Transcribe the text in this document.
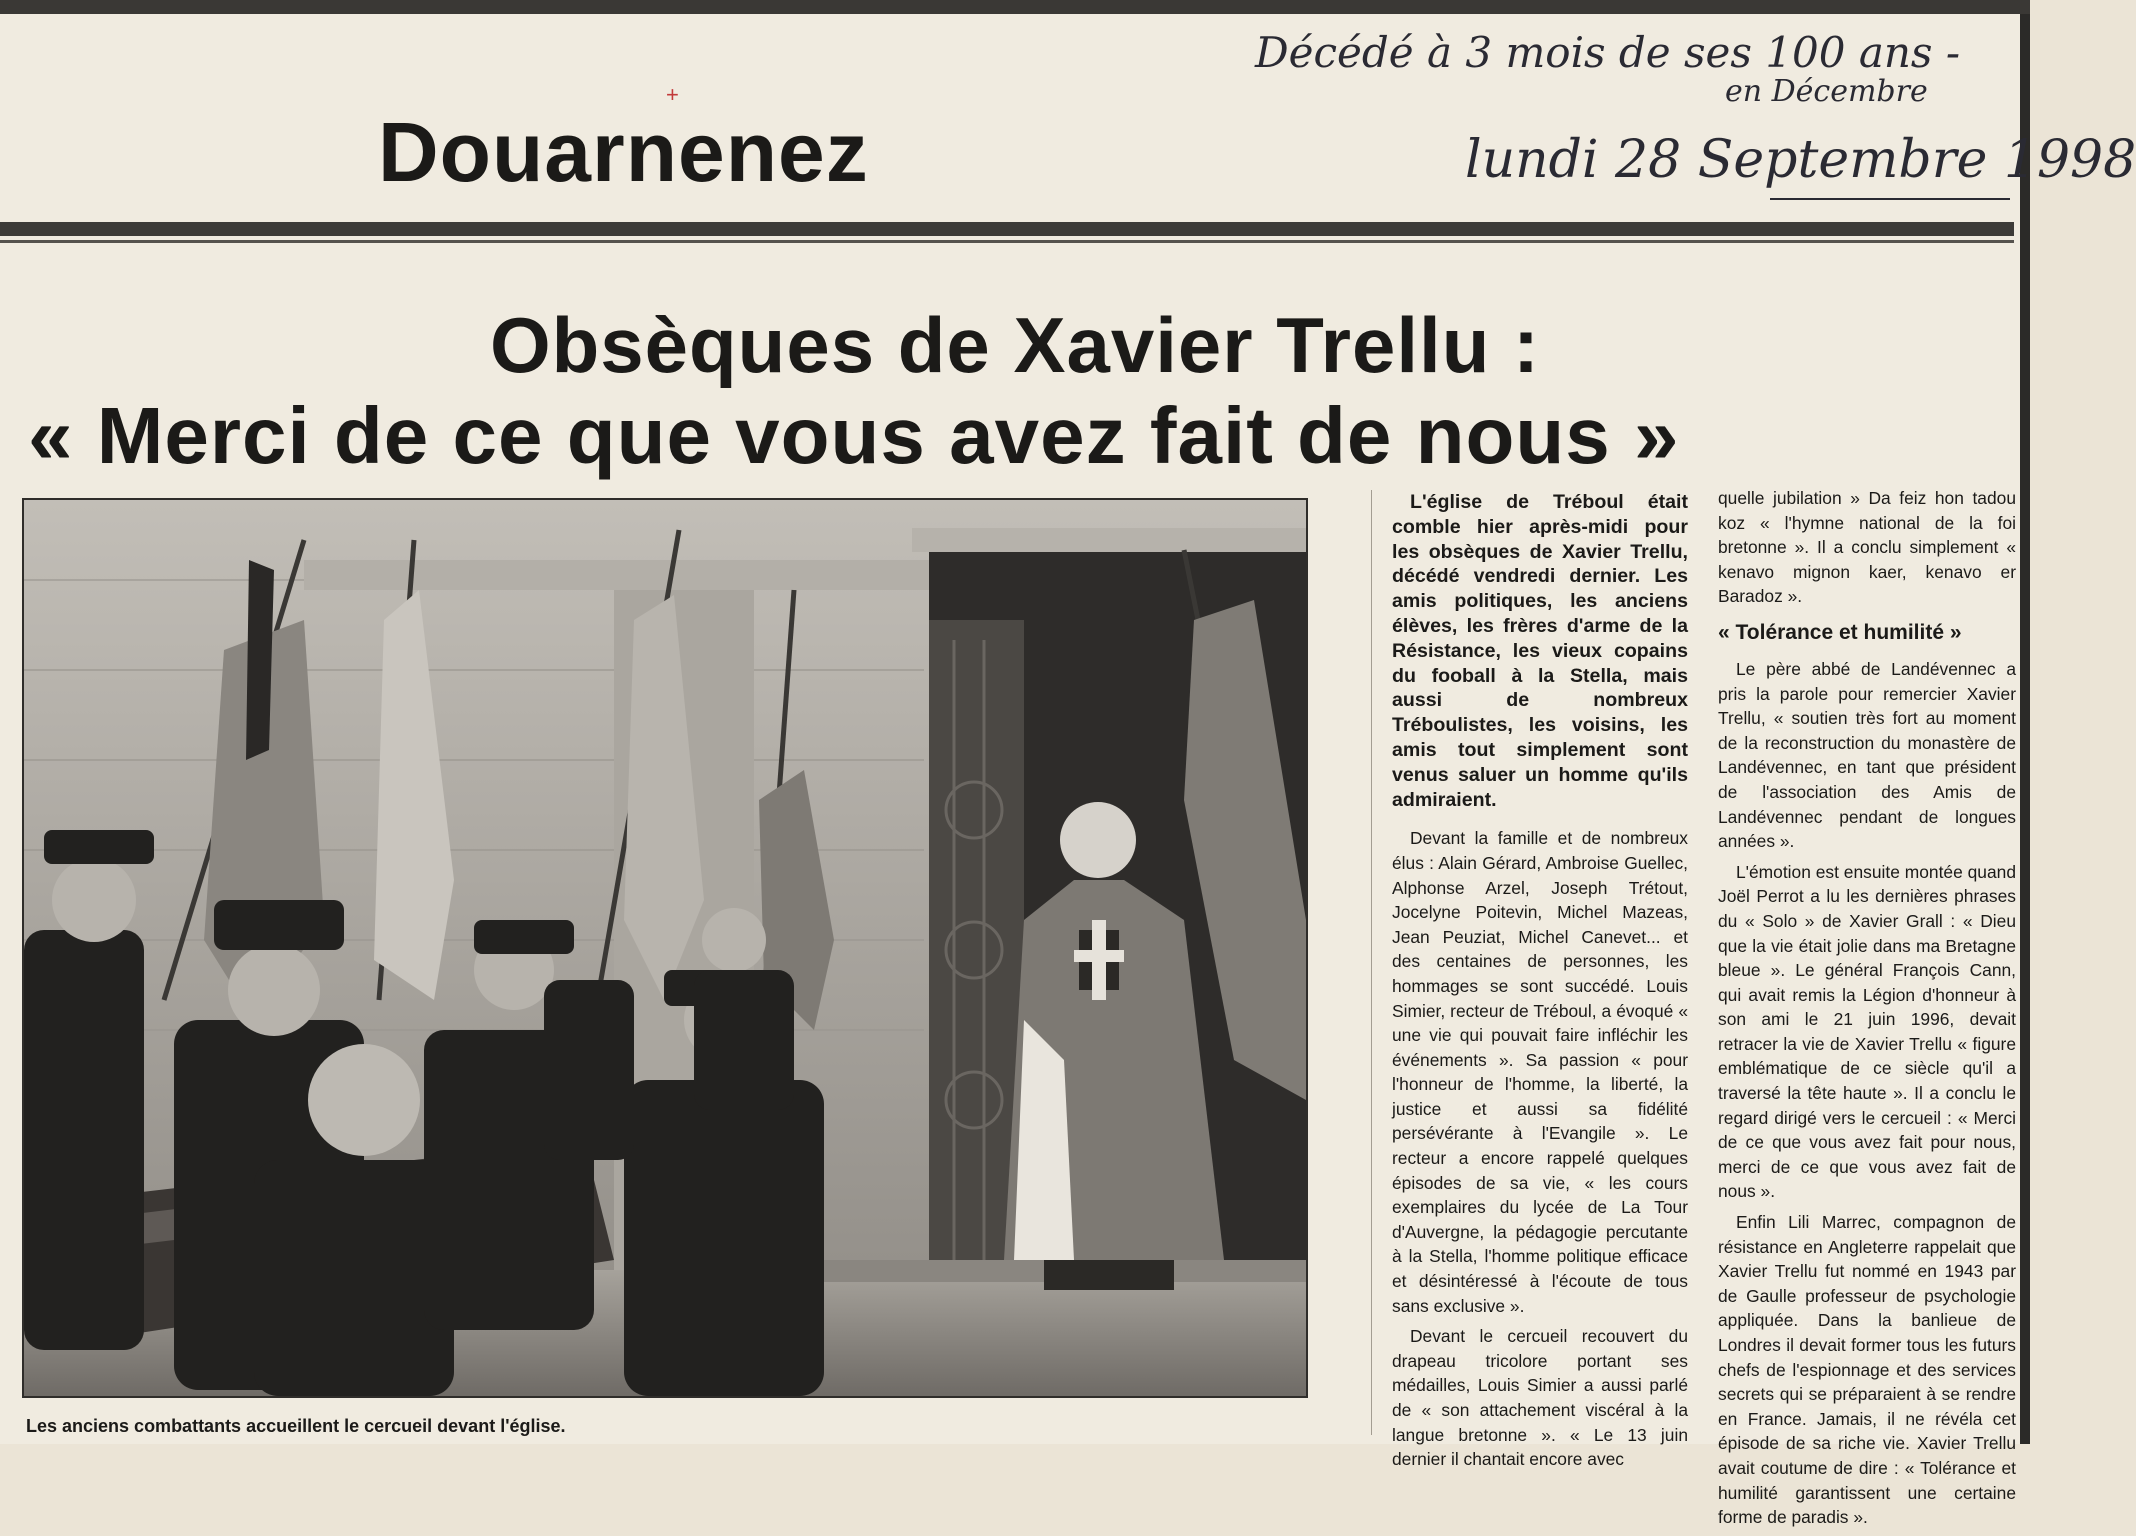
+
Décédé à 3 mois de ses 100 ans -
en Décembre
lundi 28 Septembre 1998
Douarnenez
Obsèques de Xavier Trellu :
« Merci de ce que vous avez fait de nous »
Les anciens combattants accueillent le cercueil devant l'église.

L'église de Tréboul était comble hier après-midi pour les obsèques de Xavier Trellu, décédé vendredi dernier. Les amis politiques, les anciens élèves, les frères d'arme de la Résistance, les vieux copains du fooball à la Stella, mais aussi de nombreux Tréboulistes, les voisins, les amis tout simplement sont venus saluer un homme qu'ils admiraient.

Devant la famille et de nombreux élus : Alain Gérard, Ambroise Guellec, Alphonse Arzel, Joseph Trétout, Jocelyne Poitevin, Michel Mazeas, Jean Peuziat, Michel Canevet... et des centaines de personnes, les hommages se sont succédé. Louis Simier, recteur de Tréboul, a évoqué « une vie qui pouvait faire infléchir les événements ». Sa passion « pour l'honneur de l'homme, la liberté, la justice et aussi sa fidélité persévérante à l'Evangile ». Le recteur a encore rappelé quelques épisodes de sa vie, « les cours exemplaires du lycée de La Tour d'Auvergne, la pédagogie percutante à la Stella, l'homme politique efficace et désintéressé à l'écoute de tous sans exclusive ».

Devant le cercueil recouvert du drapeau tricolore portant ses médailles, Louis Simier a aussi parlé de « son attachement viscéral à la langue bretonne ». « Le 13 juin dernier il chantait encore avec

quelle jubilation » Da feiz hon tadou koz « l'hymne national de la foi bretonne ». Il a conclu simplement « kenavo mignon kaer, kenavo er Baradoz ».

« Tolérance et humilité »

Le père abbé de Landévennec a pris la parole pour remercier Xavier Trellu, « soutien très fort au moment de la reconstruction du monastère de Landévennec, en tant que président de l'association des Amis de Landévennec pendant de longues années ».

L'émotion est ensuite montée quand Joël Perrot a lu les dernières phrases du « Solo » de Xavier Grall : « Dieu que la vie était jolie dans ma Bretagne bleue ». Le général François Cann, qui avait remis la Légion d'honneur à son ami le 21 juin 1996, devait retracer la vie de Xavier Trellu « figure emblématique de ce siècle qu'il a traversé la tête haute ». Il a conclu le regard dirigé vers le cercueil : « Merci de ce que vous avez fait pour nous, merci de ce que vous avez fait de nous ».

Enfin Lili Marrec, compagnon de résistance en Angleterre rappelait que Xavier Trellu fut nommé en 1943 par de Gaulle professeur de psychologie appliquée. Dans la banlieue de Londres il devait former tous les futurs chefs de l'espionnage et des services secrets qui se préparaient à se rendre en France. Jamais, il ne révéla cet épisode de sa riche vie. Xavier Trellu avait coutume de dire : « Tolérance et humilité garantissent une certaine forme de paradis ».
